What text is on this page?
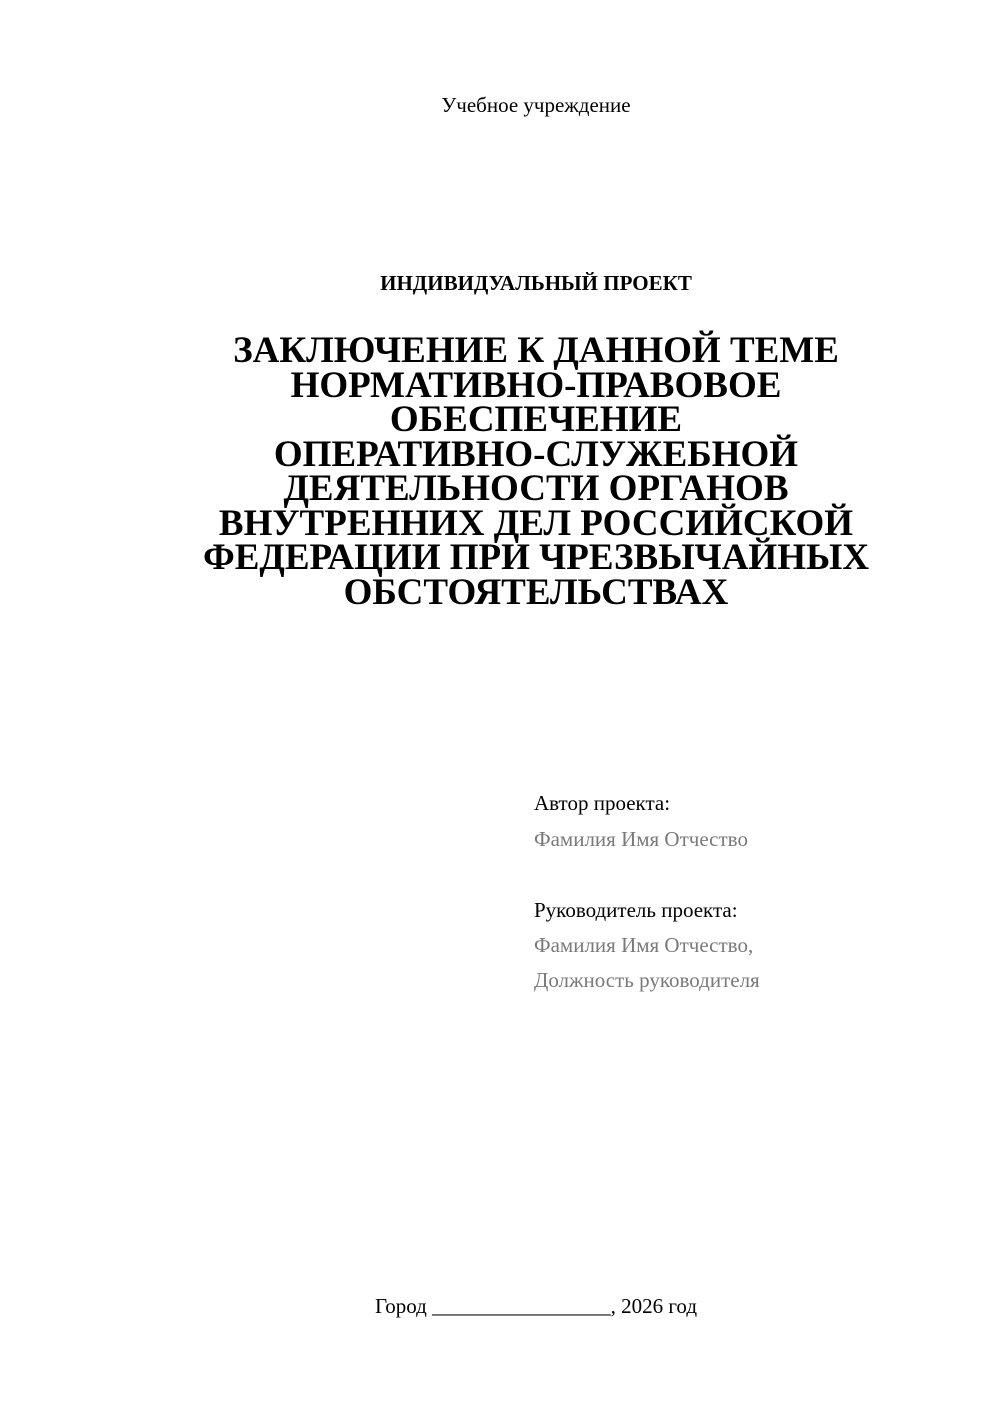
Учебное учреждение
ИНДИВИДУАЛЬНЫЙ ПРОЕКТ
ЗАКЛЮЧЕНИЕ К ДАННОЙ ТЕМЕ
НОРМАТИВНО-ПРАВОВОЕ
ОБЕСПЕЧЕНИЕ
ОПЕРАТИВНО-СЛУЖЕБНОЙ
ДЕЯТЕЛЬНОСТИ ОРГАНОВ
ВНУТРЕННИХ ДЕЛ РОССИЙСКОЙ
ФЕДЕРАЦИИ ПРИ ЧРЕЗВЫЧАЙНЫХ
ОБСТОЯТЕЛЬСТВАХ
Автор проекта:
Фамилия Имя Отчество
Руководитель проекта:
Фамилия Имя Отчество,
Должность руководителя
Город _________________, 2026 год
